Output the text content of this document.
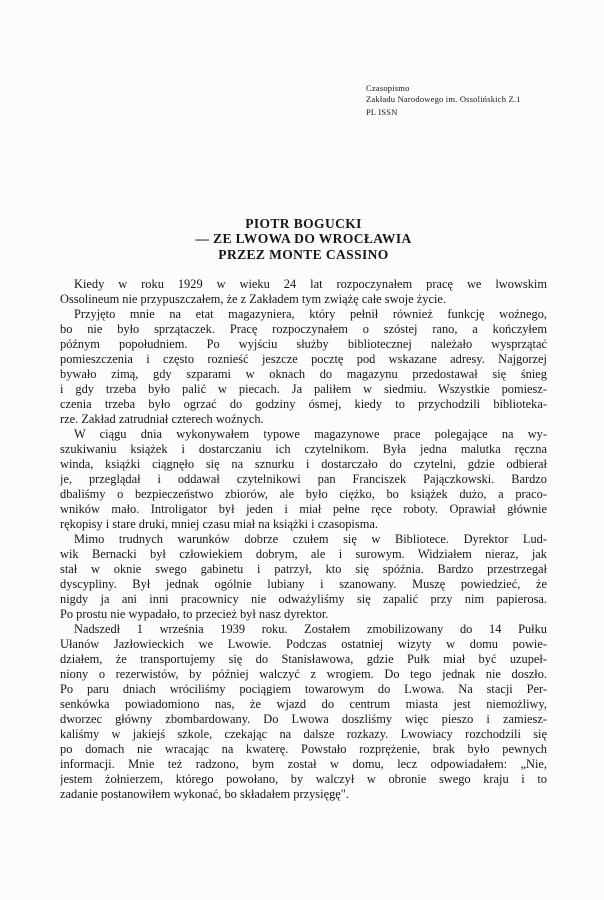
Czasopismo
Zakładu Narodowego im. Ossolińskich Z.1
PL ISSN
PIOTR BOGUCKI
— ZE LWOWA DO WROCŁAWIA
PRZEZ MONTE CASSINO
Kiedy w roku 1929 w wieku 24 lat rozpoczynałem pracę we lwowskim
Ossolineum nie przypuszczałem, że z Zakładem tym zwiążę całe swoje życie.
Przyjęto mnie na etat magazyniera, który pełnił również funkcję woźnego,
bo nie było sprzątaczek. Pracę rozpoczynałem o szóstej rano, a kończyłem
późnym popołudniem. Po wyjściu służby bibliotecznej należało wysprzątać
pomieszczenia i często roznieść jeszcze pocztę pod wskazane adresy. Najgorzej
bywało zimą, gdy szparami w oknach do magazynu przedostawał się śnieg
i gdy trzeba było palić w piecach. Ja paliłem w siedmiu. Wszystkie pomiesz-
czenia trzeba było ogrzać do godziny ósmej, kiedy to przychodzili biblioteka-
rze. Zakład zatrudniał czterech woźnych.
W ciągu dnia wykonywałem typowe magazynowe prace polegające na wy-
szukiwaniu książek i dostarczaniu ich czytelnikom. Była jedna malutka ręczna
winda, książki ciągnęło się na sznurku i dostarczało do czytelni, gdzie odbierał
je, przeglądał i oddawał czytelnikowi pan Franciszek Pajączkowski. Bardzo
dbaliśmy o bezpieczeństwo zbiorów, ale było ciężko, bo książek dużo, a praco-
wników mało. Introligator był jeden i miał pełne ręce roboty. Oprawiał głównie
rękopisy i stare druki, mniej czasu miał na książki i czasopisma.
Mimo trudnych warunków dobrze czułem się w Bibliotece. Dyrektor Lud-
wik Bernacki był człowiekiem dobrym, ale i surowym. Widziałem nieraz, jak
stał w oknie swego gabinetu i patrzył, kto się spóźnia. Bardzo przestrzegał
dyscypliny. Był jednak ogólnie lubiany i szanowany. Muszę powiedzieć, że
nigdy ja ani inni pracownicy nie odważyliśmy się zapalić przy nim papierosa.
Po prostu nie wypadało, to przecież był nasz dyrektor.
Nadszedł 1 września 1939 roku. Zostałem zmobilizowany do 14 Pułku
Ułanów Jazłowieckich we Lwowie. Podczas ostatniej wizyty w domu powie-
działem, że transportujemy się do Stanisławowa, gdzie Pułk miał być uzupeł-
niony o rezerwistów, by później walczyć z wrogiem. Do tego jednak nie doszło.
Po paru dniach wróciliśmy pociągiem towarowym do Lwowa. Na stacji Per-
senkówka powiadomiono nas, że wjazd do centrum miasta jest niemożliwy,
dworzec główny zbombardowany. Do Lwowa doszliśmy więc pieszo i zamiesz-
kaliśmy w jakiejś szkole, czekając na dalsze rozkazy. Lwowiacy rozchodzili się
po domach nie wracając na kwaterę. Powstało rozprężenie, brak było pewnych
informacji. Mnie też radzono, bym został w domu, lecz odpowiadałem: „Nie,
jestem żołnierzem, którego powołano, by walczył w obronie swego kraju i to
zadanie postanowiłem wykonać, bo składałem przysięgę".
